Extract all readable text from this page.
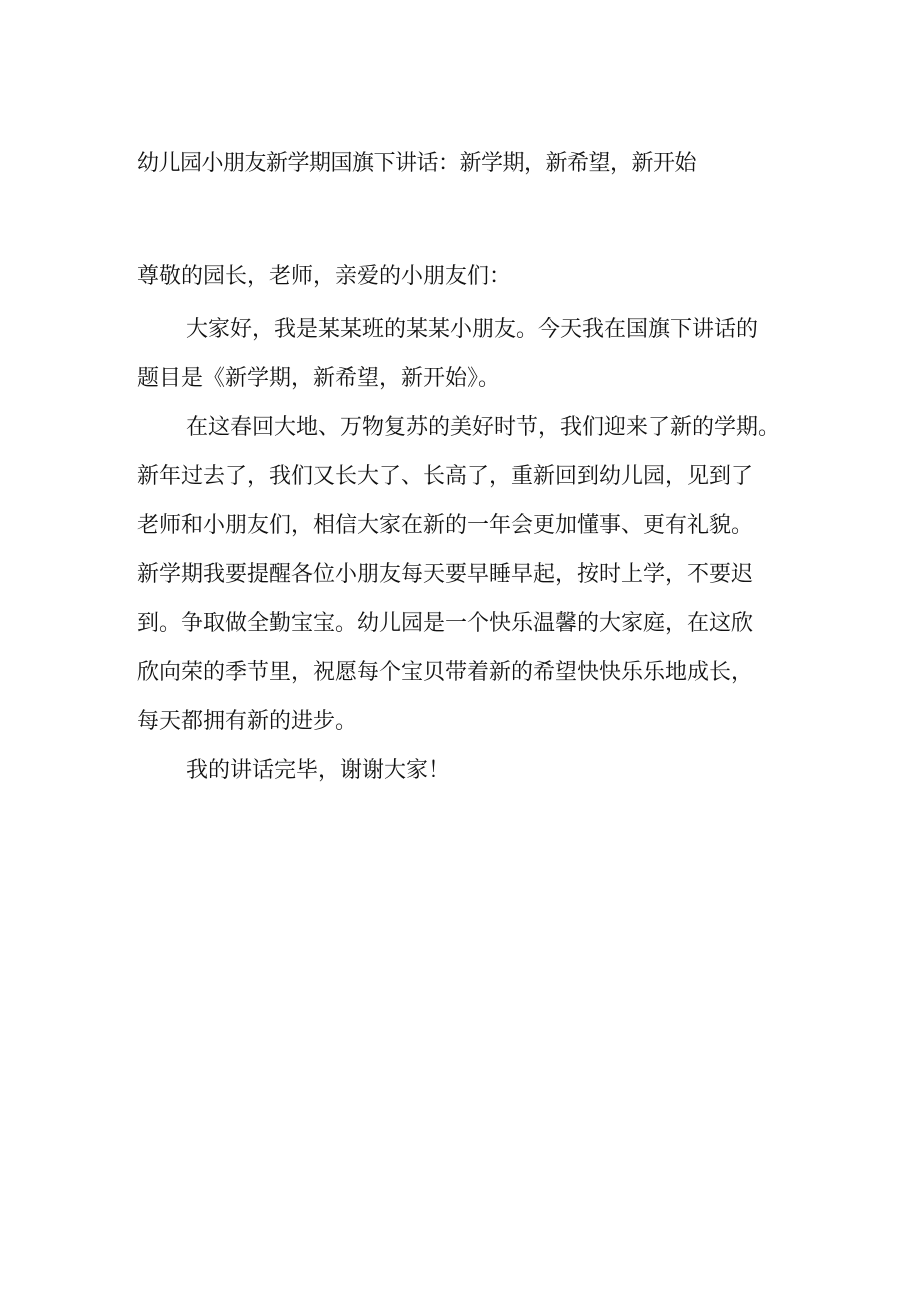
幼儿园小朋友新学期国旗下讲话：新学期，新希望，新开始

尊敬的园长，老师，亲爱的小朋友们：

大家好，我是某某班的某某小朋友。今天我在国旗下讲话的
题目是《新学期，新希望，新开始》。

在这春回大地、万物复苏的美好时节，我们迎来了新的学期。
新年过去了，我们又长大了、长高了，重新回到幼儿园，见到了
老师和小朋友们，相信大家在新的一年会更加懂事、更有礼貌。
新学期我要提醒各位小朋友每天要早睡早起，按时上学，不要迟
到。争取做全勤宝宝。幼儿园是一个快乐温馨的大家庭，在这欣
欣向荣的季节里，祝愿每个宝贝带着新的希望快快乐乐地成长，
每天都拥有新的进步。

我的讲话完毕，谢谢大家！
